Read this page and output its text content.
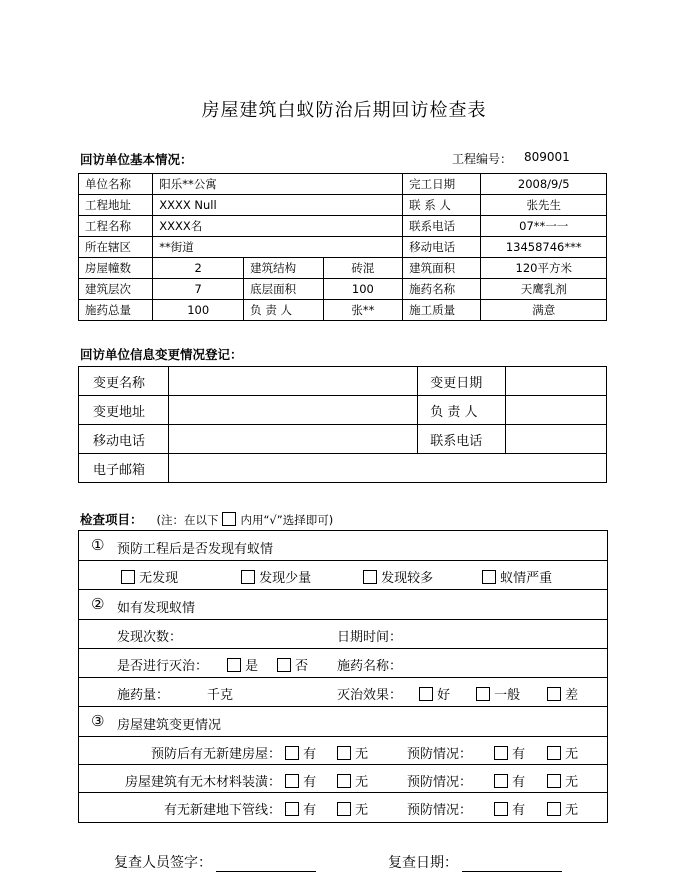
房屋建筑白蚁防治后期回访检查表
回访单位基本情况：	工程编号： 809001
单位名称	阳乐**公寓			完工日期	2008/9/5
工程地址	XXXX Null			联 系 人	张先生
工程名称	XXXX名			联系电话	07**一一
所在辖区	**街道			移动电话	13458746***
房屋幢数	2	建筑结构	砖混	建筑面积	120平方米
建筑层次	7	底层面积	100	施药名称	天鹰乳剂
施药总量	100	负 责 人	张**	施工质量	满意
回访单位信息变更情况登记：
变更名称		变更日期	
变更地址		负 责 人	
移动电话		联系电话	
电子邮箱			
检查项目： (注：在以下 内用“√”选择即可)
① 预防工程后是否发现有蚁情
无发现	发现少量	发现较多	蚁情严重
② 如有发现蚁情
发现次数：	日期时间：
是否进行灭治：	是	否 施药名称：
施药量：	千克	灭治效果：	好	一般	差
③ 房屋建筑变更情况
预防后有无新建房屋：	有	无	预防情况：	有	无
房屋建筑有无木材料装潢：	有	无	预防情况：	有	无
有无新建地下管线：	有	无	预防情况：	有	无
复查人员签字：	复查日期：
